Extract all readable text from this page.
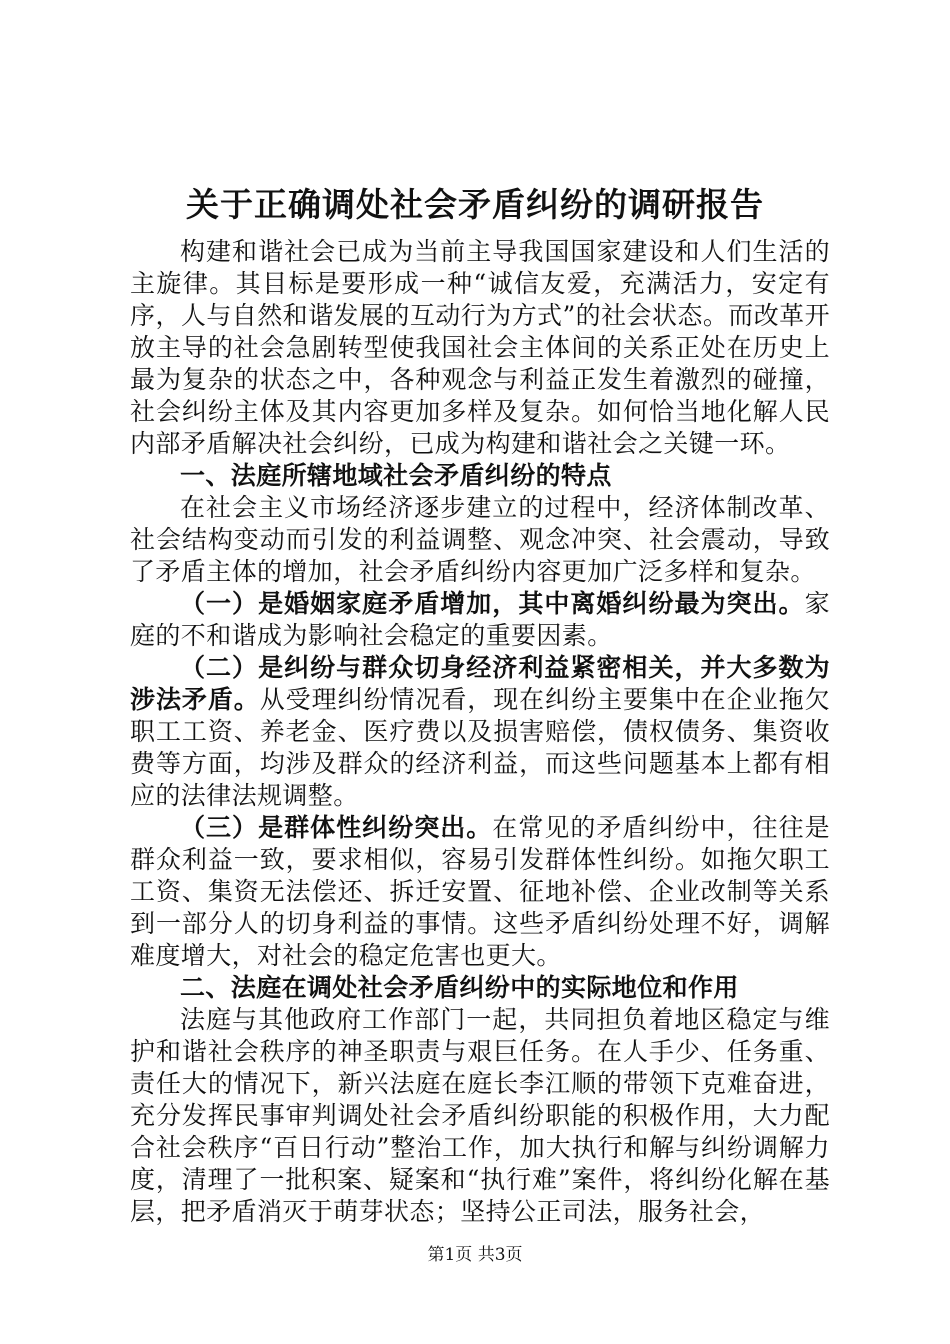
关于正确调处社会矛盾纠纷的调研报告

构建和谐社会已成为当前主导我国国家建设和人们生活的主旋律。其目标是要形成一种“诚信友爱，充满活力，安定有序，人与自然和谐发展的互动行为方式”的社会状态。而改革开放主导的社会急剧转型使我国社会主体间的关系正处在历史上最为复杂的状态之中，各种观念与利益正发生着激烈的碰撞，社会纠纷主体及其内容更加多样及复杂。如何恰当地化解人民内部矛盾解决社会纠纷，已成为构建和谐社会之关键一环。

一、法庭所辖地域社会矛盾纠纷的特点

在社会主义市场经济逐步建立的过程中，经济体制改革、社会结构变动而引发的利益调整、观念冲突、社会震动，导致了矛盾主体的增加，社会矛盾纠纷内容更加广泛多样和复杂。

（一）是婚姻家庭矛盾增加，其中离婚纠纷最为突出。家庭的不和谐成为影响社会稳定的重要因素。

（二）是纠纷与群众切身经济利益紧密相关，并大多数为涉法矛盾。从受理纠纷情况看，现在纠纷主要集中在企业拖欠职工工资、养老金、医疗费以及损害赔偿，债权债务、集资收费等方面，均涉及群众的经济利益，而这些问题基本上都有相应的法律法规调整。

（三）是群体性纠纷突出。在常见的矛盾纠纷中，往往是群众利益一致，要求相似，容易引发群体性纠纷。如拖欠职工工资、集资无法偿还、拆迁安置、征地补偿、企业改制等关系到一部分人的切身利益的事情。这些矛盾纠纷处理不好，调解难度增大，对社会的稳定危害也更大。

二、法庭在调处社会矛盾纠纷中的实际地位和作用

法庭与其他政府工作部门一起，共同担负着地区稳定与维护和谐社会秩序的神圣职责与艰巨任务。在人手少、任务重、责任大的情况下，新兴法庭在庭长李江顺的带领下克难奋进，充分发挥民事审判调处社会矛盾纠纷职能的积极作用，大力配合社会秩序“百日行动”整治工作，加大执行和解与纠纷调解力度，清理了一批积案、疑案和“执行难”案件，将纠纷化解在基层，把矛盾消灭于萌芽状态；坚持公正司法，服务社会，

第1页 共3页
